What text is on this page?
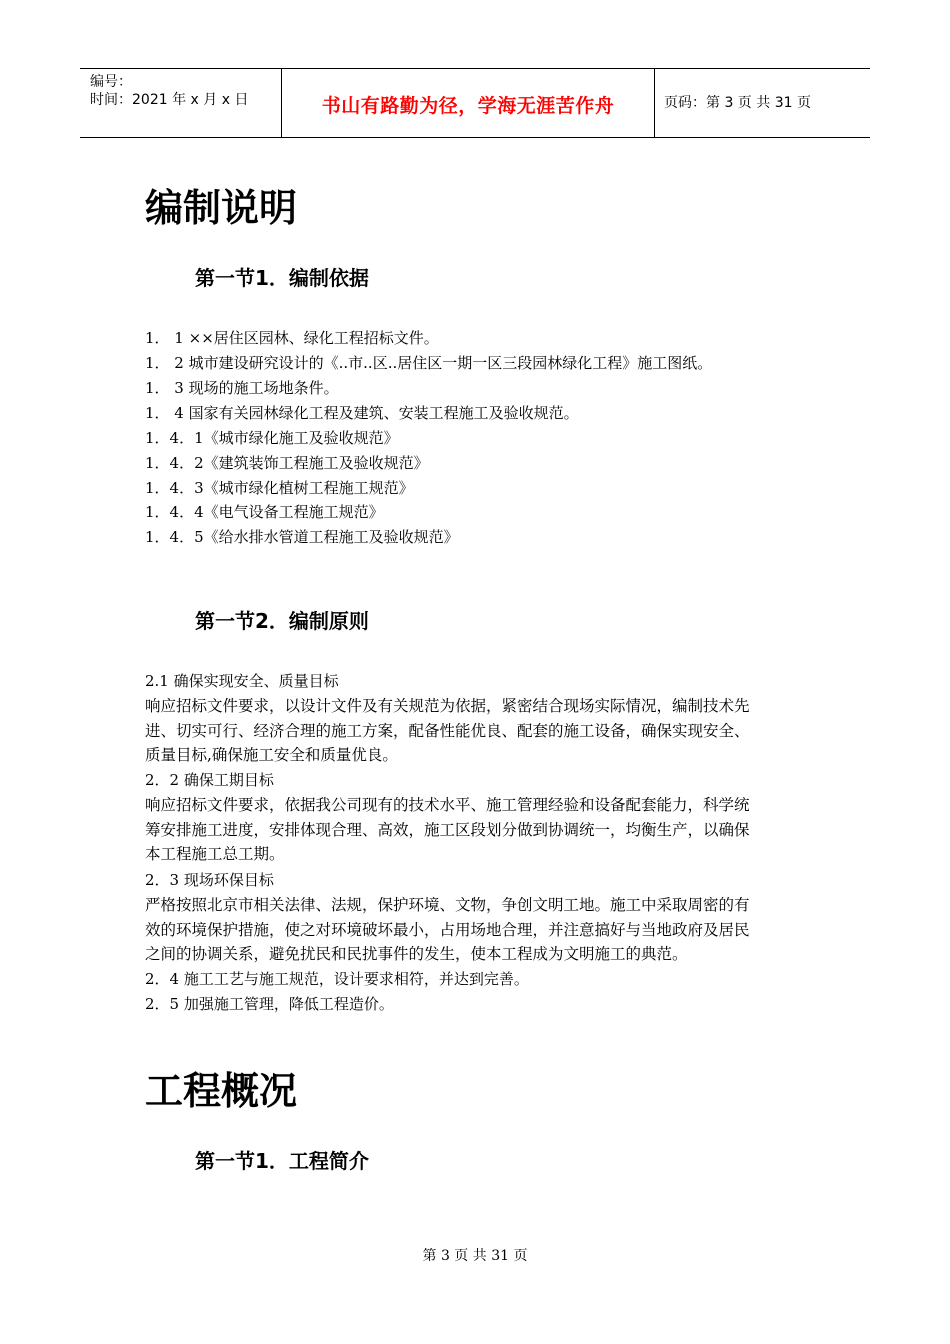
编号：
时间：2021 年 x 月 x 日	书山有路勤为径，学海无涯苦作舟	页码：第 3 页 共 31 页
编制说明
第一节1．编制依据
1． 1 ××居住区园林、绿化工程招标文件。
1． 2 城市建设研究设计的《..市..区..居住区一期一区三段园林绿化工程》施工图纸。
1． 3 现场的施工场地条件。
1． 4 国家有关园林绿化工程及建筑、安装工程施工及验收规范。
1．4．1《城市绿化施工及验收规范》
1．4．2《建筑装饰工程施工及验收规范》
1．4．3《城市绿化植树工程施工规范》
1．4．4《电气设备工程施工规范》
1．4．5《给水排水管道工程施工及验收规范》
第一节2．编制原则
2.1 确保实现安全、质量目标
响应招标文件要求，以设计文件及有关规范为依据，紧密结合现场实际情况，编制技术先
进、切实可行、经济合理的施工方案，配备性能优良、配套的施工设备，确保实现安全、
质量目标,确保施工安全和质量优良。
2．2 确保工期目标
响应招标文件要求，依据我公司现有的技术水平、施工管理经验和设备配套能力，科学统
筹安排施工进度，安排体现合理、高效，施工区段划分做到协调统一，均衡生产，以确保
本工程施工总工期。
2．3 现场环保目标
严格按照北京市相关法律、法规，保护环境、文物，争创文明工地。施工中采取周密的有
效的环境保护措施，使之对环境破坏最小，占用场地合理，并注意搞好与当地政府及居民
之间的协调关系，避免扰民和民扰事件的发生，使本工程成为文明施工的典范。
2．4 施工工艺与施工规范，设计要求相符，并达到完善。
2．5 加强施工管理，降低工程造价。
工程概况
第一节1．工程简介
第 3 页 共 31 页
